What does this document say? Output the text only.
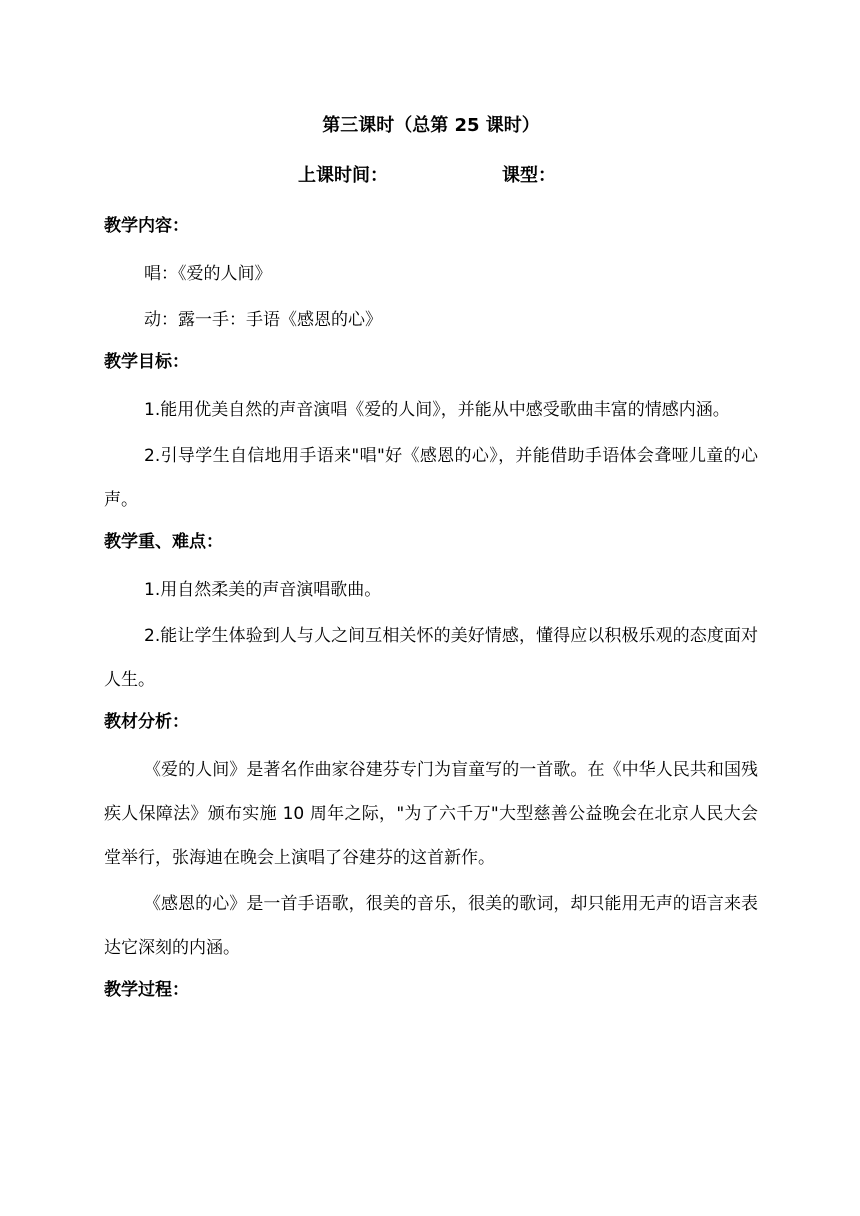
第三课时（总第 25 课时）
上课时间：	课型：
教学内容：
唱：《爱的人间》
动：露一手：手语《感恩的心》
教学目标：
1.能用优美自然的声音演唱《爱的人间》，并能从中感受歌曲丰富的情感内涵。
2.引导学生自信地用手语来"唱"好《感恩的心》，并能借助手语体会聋哑儿童的心声。
教学重、难点：
1.用自然柔美的声音演唱歌曲。
2.能让学生体验到人与人之间互相关怀的美好情感，懂得应以积极乐观的态度面对人生。
教材分析：
《爱的人间》是著名作曲家谷建芬专门为盲童写的一首歌。在《中华人民共和国残疾人保障法》颁布实施 10 周年之际，"为了六千万"大型慈善公益晚会在北京人民大会堂举行，张海迪在晚会上演唱了谷建芬的这首新作。
《感恩的心》是一首手语歌，很美的音乐，很美的歌词，却只能用无声的语言来表达它深刻的内涵。
教学过程：
